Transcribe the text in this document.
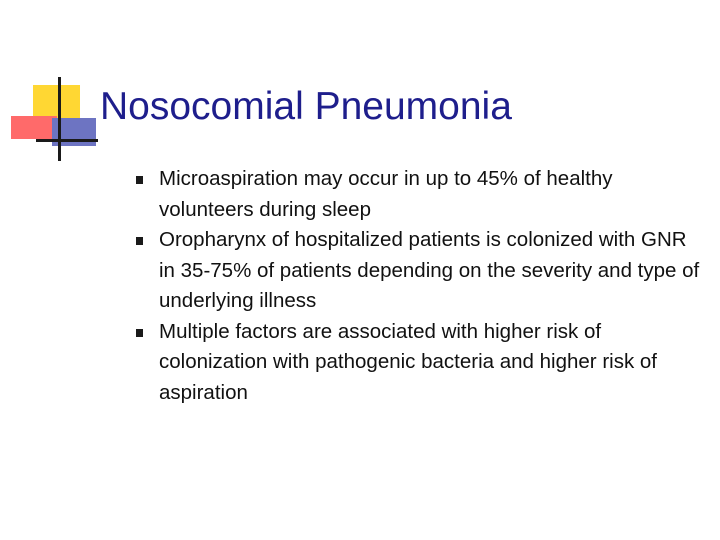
Nosocomial Pneumonia
Microaspiration may occur in up to 45% of healthy volunteers during sleep
Oropharynx of hospitalized patients is colonized with GNR in 35-75% of patients depending on the severity and type of underlying illness
Multiple factors are associated with higher risk of colonization with pathogenic bacteria and higher risk of aspiration
